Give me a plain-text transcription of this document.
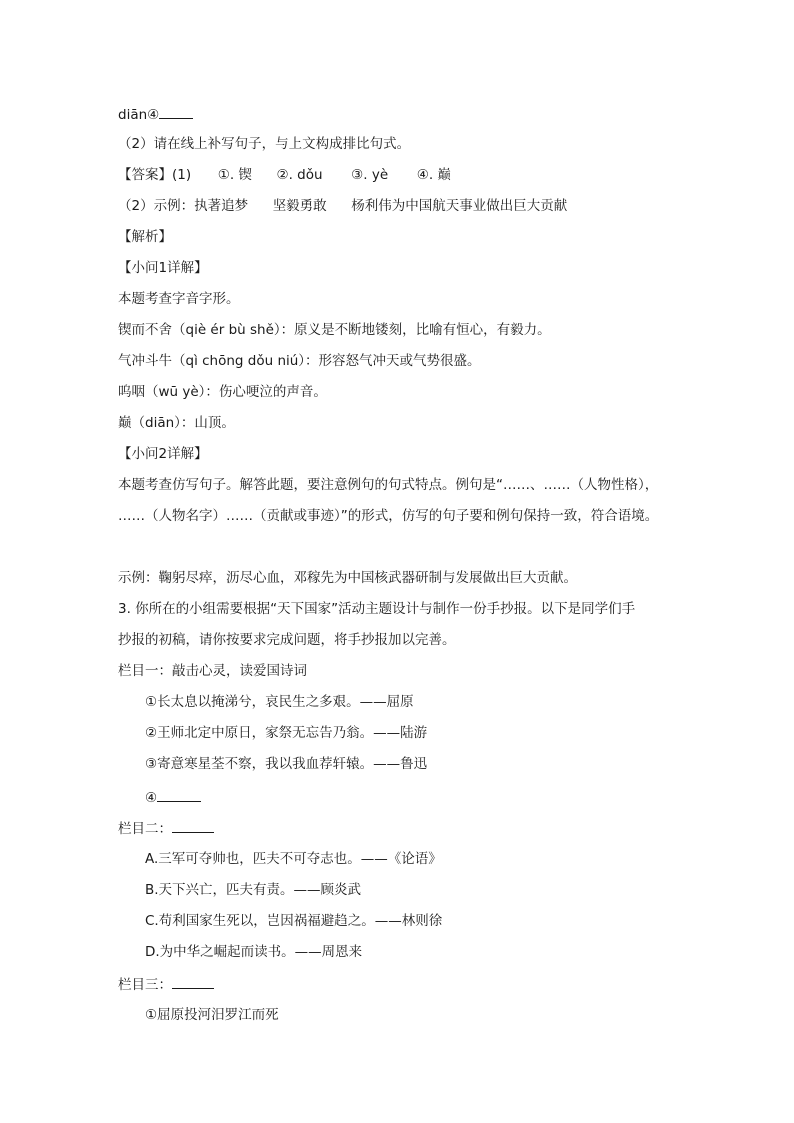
diān④
（2）请在线上补写句子，与上文构成排比句式。
【答案】(1) ①. 锲 ②. dǒu ③. yè ④. 巅
（2）示例：执著追梦 坚毅勇敢 杨利伟为中国航天事业做出巨大贡献
【解析】
【小问1详解】
本题考查字音字形。
锲而不舍（qiè ér bù shě）：原义是不断地镂刻，比喻有恒心，有毅力。
气冲斗牛（qì chōng dǒu niú）：形容怒气冲天或气势很盛。
呜咽（wū yè）：伤心哽泣的声音。
巅（diān）：山顶。
【小问2详解】
本题考查仿写句子。解答此题，要注意例句的句式特点。例句是“……、……（人物性格），
……（人物名字）……（贡献或事迹）”的形式，仿写的句子要和例句保持一致，符合语境。
示例：鞠躬尽瘁，沥尽心血，邓稼先为中国核武器研制与发展做出巨大贡献。
3. 你所在的小组需要根据“天下国家”活动主题设计与制作一份手抄报。以下是同学们手
抄报的初稿，请你按要求完成问题，将手抄报加以完善。
栏目一：敲击心灵，读爱国诗词
①长太息以掩涕兮，哀民生之多艰。——屈原
②王师北定中原日，家祭无忘告乃翁。——陆游
③寄意寒星荃不察，我以我血荐轩辕。——鲁迅
④
栏目二：
A.三军可夺帅也，匹夫不可夺志也。——《论语》
B.天下兴亡，匹夫有责。——顾炎武
C.苟利国家生死以，岂因祸福避趋之。——林则徐
D.为中华之崛起而读书。——周恩来
栏目三：
①屈原投河汨罗江而死
